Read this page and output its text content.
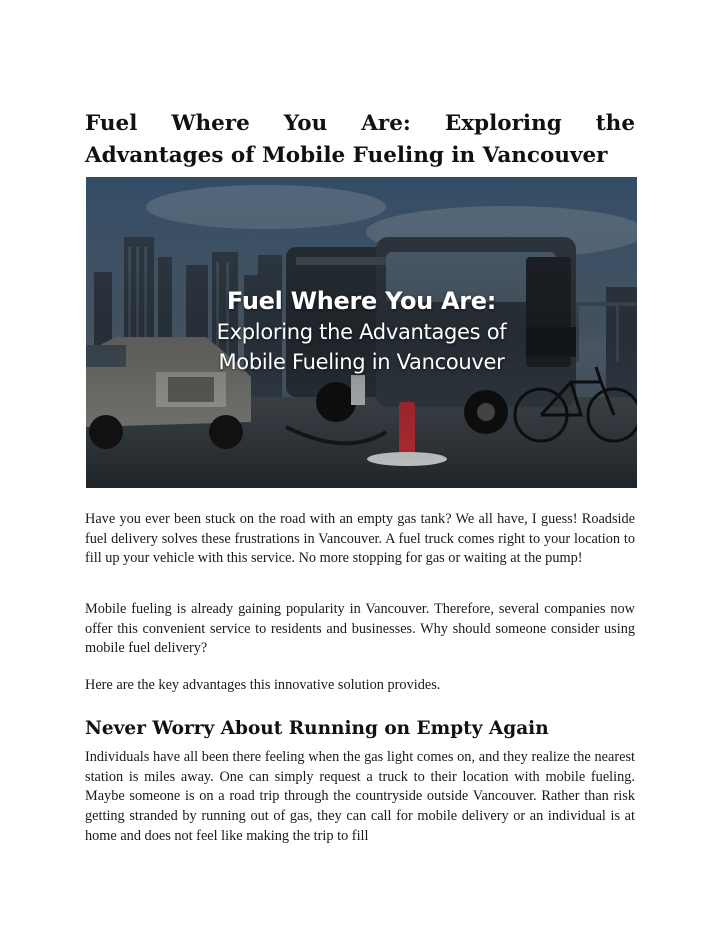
Fuel Where You Are: Exploring the Advantages of Mobile Fueling in Vancouver
Fuel Where You Are:
Exploring the Advantages of
Mobile Fueling in Vancouver

Have you ever been stuck on the road with an empty gas tank? We all have, I guess! Roadside fuel delivery solves these frustrations in Vancouver. A fuel truck comes right to your location to fill up your vehicle with this service. No more stopping for gas or waiting at the pump!

Mobile fueling is already gaining popularity in Vancouver. Therefore, several companies now offer this convenient service to residents and businesses. Why should someone consider using mobile fuel delivery?

Here are the key advantages this innovative solution provides.

Never Worry About Running on Empty Again

Individuals have all been there feeling when the gas light comes on, and they realize the nearest station is miles away. One can simply request a truck to their location with mobile fueling. Maybe someone is on a road trip through the countryside outside Vancouver. Rather than risk getting stranded by running out of gas, they can call for mobile delivery or an individual is at home and does not feel like making the trip to fill
